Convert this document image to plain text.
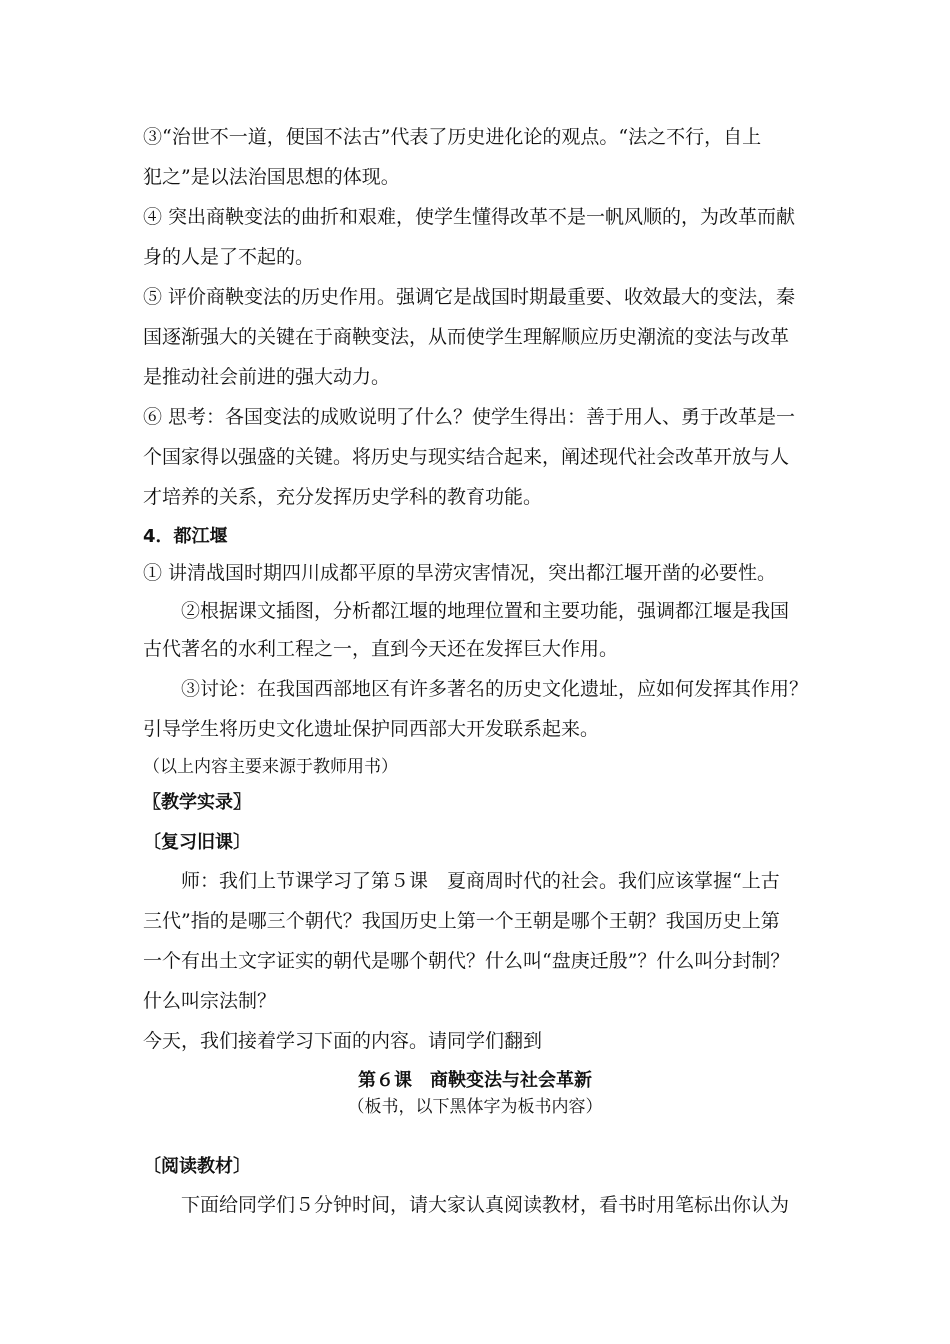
③“治世不一道，便国不法古”代表了历史进化论的观点。“法之不行，自上
犯之”是以法治国思想的体现。
④ 突出商鞅变法的曲折和艰难，使学生懂得改革不是一帆风顺的，为改革而献
身的人是了不起的。
⑤ 评价商鞅变法的历史作用。强调它是战国时期最重要、收效最大的变法，秦
国逐渐强大的关键在于商鞅变法，从而使学生理解顺应历史潮流的变法与改革
是推动社会前进的强大动力。
⑥ 思考：各国变法的成败说明了什么？使学生得出：善于用人、勇于改革是一
个国家得以强盛的关键。将历史与现实结合起来，阐述现代社会改革开放与人
才培养的关系，充分发挥历史学科的教育功能。
4．都江堰
① 讲清战国时期四川成都平原的旱涝灾害情况，突出都江堰开凿的必要性。
②根据课文插图，分析都江堰的地理位置和主要功能，强调都江堰是我国
古代著名的水利工程之一，直到今天还在发挥巨大作用。
③讨论：在我国西部地区有许多著名的历史文化遗址，应如何发挥其作用？
引导学生将历史文化遗址保护同西部大开发联系起来。
（以上内容主要来源于教师用书）
〖教学实录〗
〔复习旧课〕
师：我们上节课学习了第５课　夏商周时代的社会。我们应该掌握“上古
三代”指的是哪三个朝代？我国历史上第一个王朝是哪个王朝？我国历史上第
一个有出土文字证实的朝代是哪个朝代？什么叫“盘庚迁殷”？什么叫分封制？
什么叫宗法制？
今天，我们接着学习下面的内容。请同学们翻到
第６课　商鞅变法与社会革新
（板书，以下黑体字为板书内容）
〔阅读教材〕
下面给同学们５分钟时间，请大家认真阅读教材，看书时用笔标出你认为
